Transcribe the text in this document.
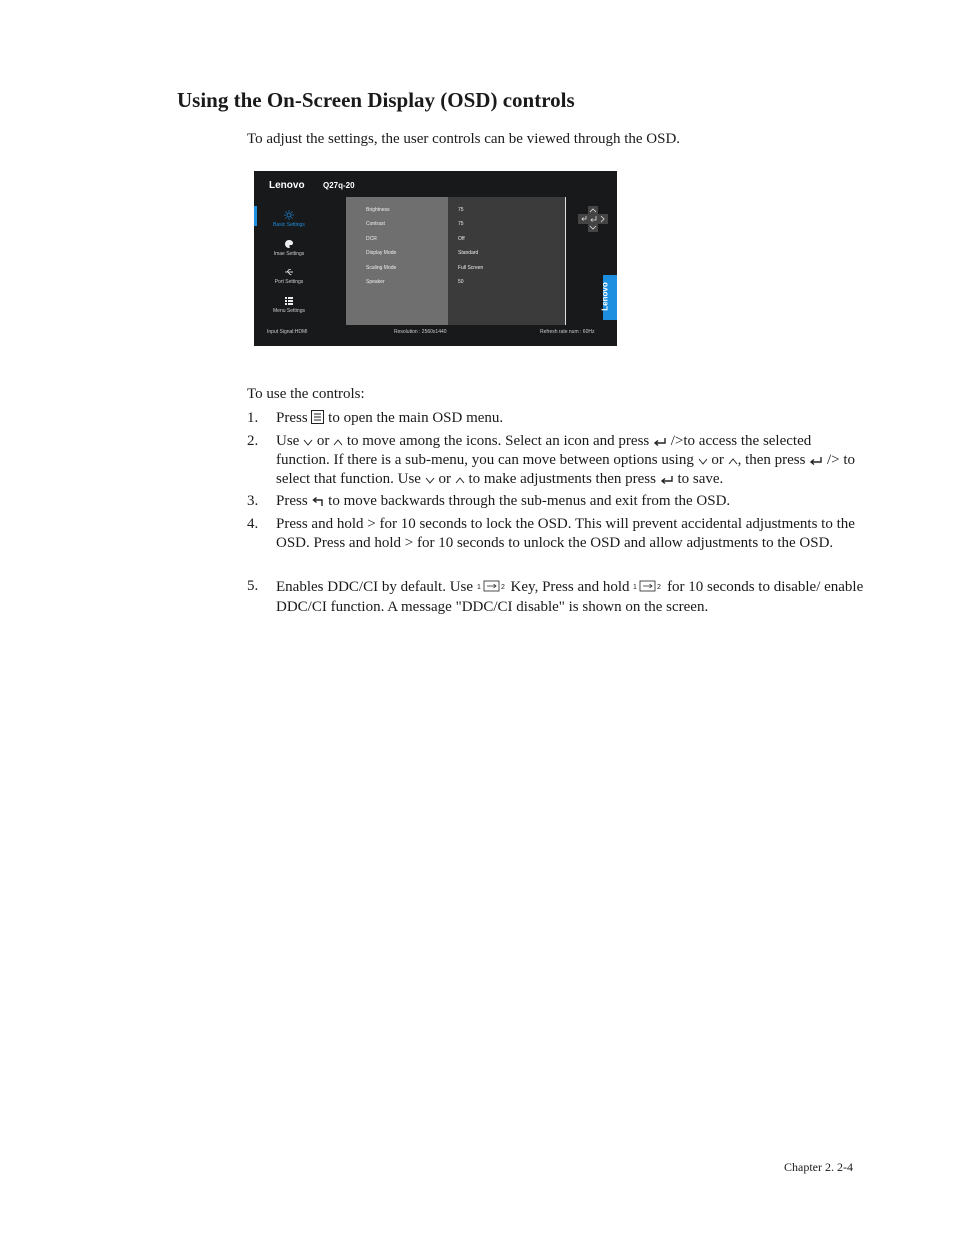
Using the On-Screen Display (OSD) controls
To adjust the settings, the user controls can be viewed through the OSD.
Lenovo Q27q-20
Basic Settings
Imae Settings
Port Settings
Menu Settings
Brightness	75
Contrast	75
DCR	Off
Display Mode	Standard
Scaling Mode	Full Screen
Speaker	50
Lenovo
Input Signal:HDMI	Resolution : 2560x1440	Refresh rate num : 60Hz
To use the controls:
1. Press  to open the main OSD menu.
2. Use  or  to move among the icons. Select an icon and press  />to access the selected function. If there is a sub-menu, you can move between options using  or , then press  /> to select that function. Use  or  to make adjustments then press  to save.
3. Press  to move backwards through the sub-menus and exit from the OSD.
4. Press and hold > for 10 seconds to lock the OSD. This will prevent accidental adjustments to the OSD. Press and hold > for 10 seconds to unlock the OSD and allow adjustments to the OSD.
5. Enables DDC/CI by default. Use 1	2 Key, Press and hold 1	2 for 10 seconds to disable/ enable DDC/CI function. A message "DDC/CI disable" is shown on the screen.
Chapter 2. 2-4
